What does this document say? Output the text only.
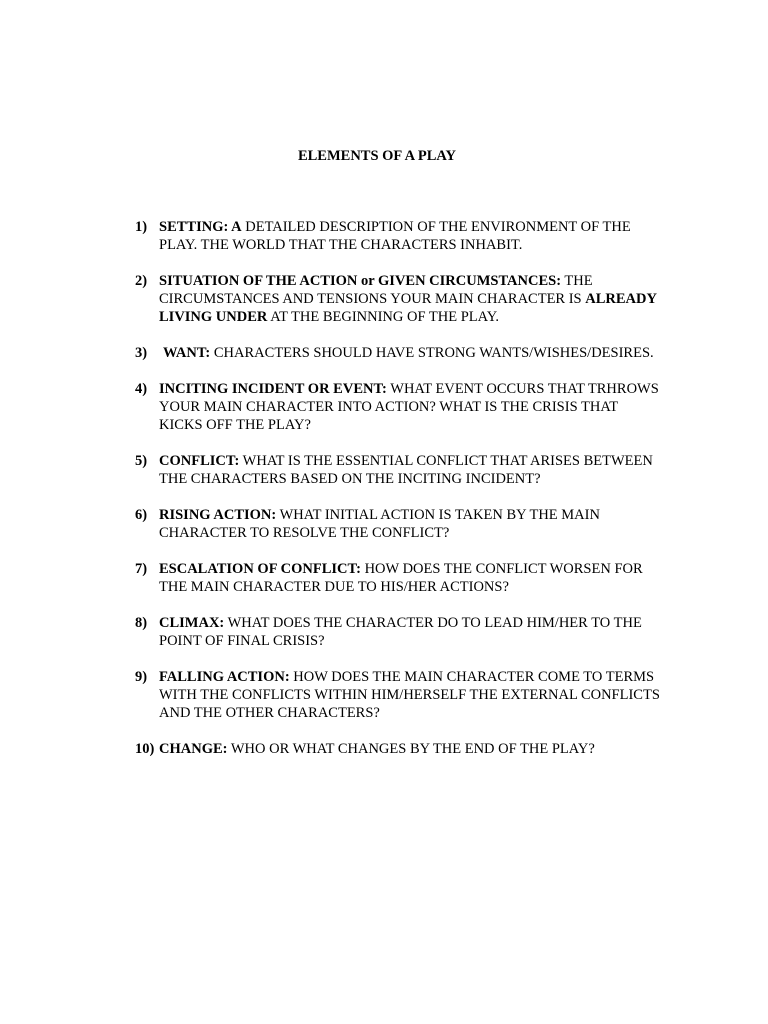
ELEMENTS OF A PLAY
1) SETTING: A DETAILED DESCRIPTION OF THE ENVIRONMENT OF THE PLAY. THE WORLD THAT THE CHARACTERS INHABIT.
2) SITUATION OF THE ACTION or GIVEN CIRCUMSTANCES: THE CIRCUMSTANCES AND TENSIONS YOUR MAIN CHARACTER IS ALREADY LIVING UNDER AT THE BEGINNING OF THE PLAY.
3) WANT: CHARACTERS SHOULD HAVE STRONG WANTS/WISHES/DESIRES.
4) INCITING INCIDENT OR EVENT: WHAT EVENT OCCURS THAT TRHROWS YOUR MAIN CHARACTER INTO ACTION? WHAT IS THE CRISIS THAT KICKS OFF THE PLAY?
5) CONFLICT: WHAT IS THE ESSENTIAL CONFLICT THAT ARISES BETWEEN THE CHARACTERS BASED ON THE INCITING INCIDENT?
6) RISING ACTION: WHAT INITIAL ACTION IS TAKEN BY THE MAIN CHARACTER TO RESOLVE THE CONFLICT?
7) ESCALATION OF CONFLICT: HOW DOES THE CONFLICT WORSEN FOR THE MAIN CHARACTER DUE TO HIS/HER ACTIONS?
8) CLIMAX: WHAT DOES THE CHARACTER DO TO LEAD HIM/HER TO THE POINT OF FINAL CRISIS?
9) FALLING ACTION: HOW DOES THE MAIN CHARACTER COME TO TERMS WITH THE CONFLICTS WITHIN HIM/HERSELF THE EXTERNAL CONFLICTS AND THE OTHER CHARACTERS?
10) CHANGE: WHO OR WHAT CHANGES BY THE END OF THE PLAY?
